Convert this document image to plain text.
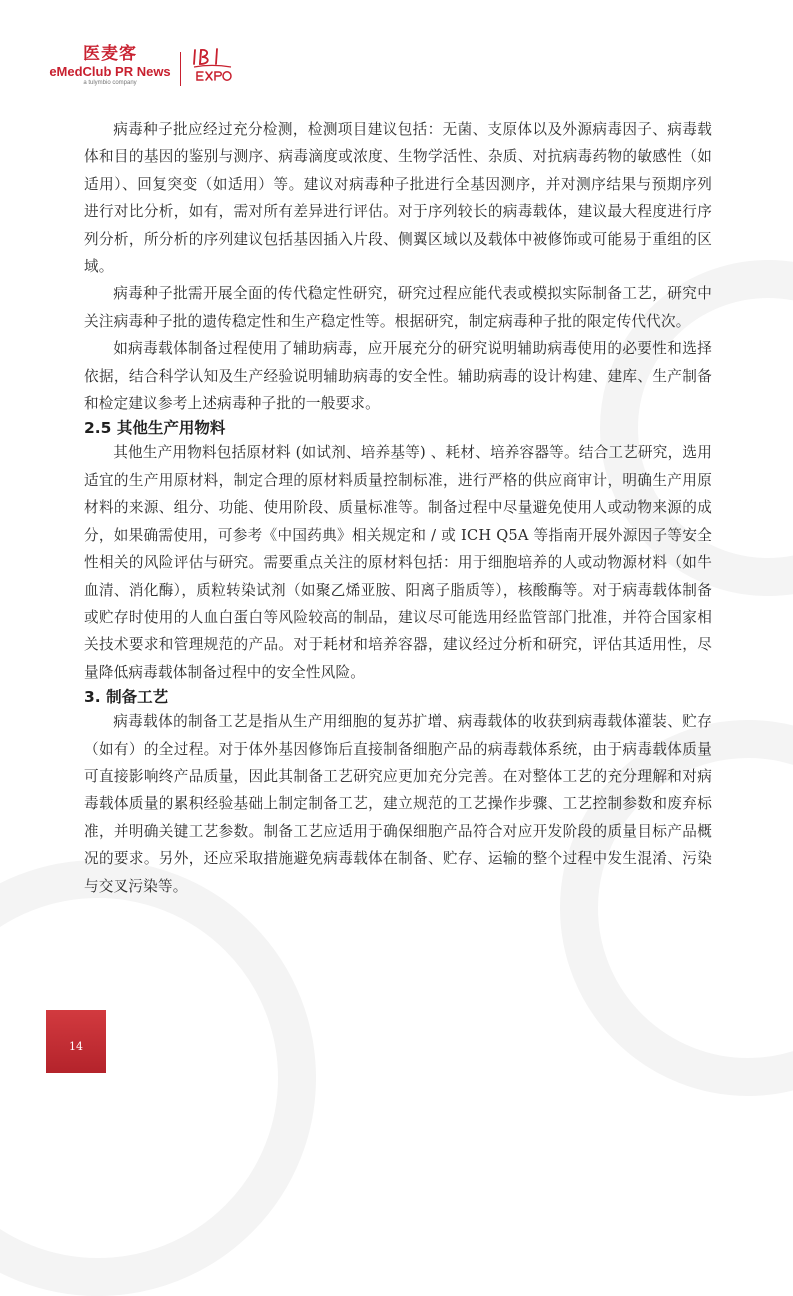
医麦客
eMedClub PR News
a tulymbio company

病毒种子批应经过充分检测，检测项目建议包括：无菌、支原体以及外源病毒因子、病毒载体和目的基因的鉴别与测序、病毒滴度或浓度、生物学活性、杂质、对抗病毒药物的敏感性（如适用）、回复突变（如适用）等。建议对病毒种子批进行全基因测序，并对测序结果与预期序列进行对比分析，如有，需对所有差异进行评估。对于序列较长的病毒载体，建议最大程度进行序列分析，所分析的序列建议包括基因插入片段、侧翼区域以及载体中被修饰或可能易于重组的区域。

病毒种子批需开展全面的传代稳定性研究，研究过程应能代表或模拟实际制备工艺，研究中关注病毒种子批的遗传稳定性和生产稳定性等。根据研究，制定病毒种子批的限定传代代次。

如病毒载体制备过程使用了辅助病毒，应开展充分的研究说明辅助病毒使用的必要性和选择依据，结合科学认知及生产经验说明辅助病毒的安全性。辅助病毒的设计构建、建库、生产制备和检定建议参考上述病毒种子批的一般要求。

2.5 其他生产用物料

其他生产用物料包括原材料 (如试剂、培养基等) 、耗材、培养容器等。结合工艺研究，选用适宜的生产用原材料，制定合理的原材料质量控制标准，进行严格的供应商审计，明确生产用原材料的来源、组分、功能、使用阶段、质量标准等。制备过程中尽量避免使用人或动物来源的成分，如果确需使用，可参考《中国药典》相关规定和 / 或 ICH Q5A 等指南开展外源因子等安全性相关的风险评估与研究。需要重点关注的原材料包括：用于细胞培养的人或动物源材料（如牛血清、消化酶），质粒转染试剂（如聚乙烯亚胺、阳离子脂质等），核酸酶等。对于病毒载体制备或贮存时使用的人血白蛋白等风险较高的制品，建议尽可能选用经监管部门批准，并符合国家相关技术要求和管理规范的产品。对于耗材和培养容器，建议经过分析和研究，评估其适用性，尽量降低病毒载体制备过程中的安全性风险。

3. 制备工艺

病毒载体的制备工艺是指从生产用细胞的复苏扩增、病毒载体的收获到病毒载体灌装、贮存（如有）的全过程。对于体外基因修饰后直接制备细胞产品的病毒载体系统，由于病毒载体质量可直接影响终产品质量，因此其制备工艺研究应更加充分完善。在对整体工艺的充分理解和对病毒载体质量的累积经验基础上制定制备工艺，建立规范的工艺操作步骤、工艺控制参数和废弃标准，并明确关键工艺参数。制备工艺应适用于确保细胞产品符合对应开发阶段的质量目标产品概况的要求。另外，还应采取措施避免病毒载体在制备、贮存、运输的整个过程中发生混淆、污染与交叉污染等。

14
